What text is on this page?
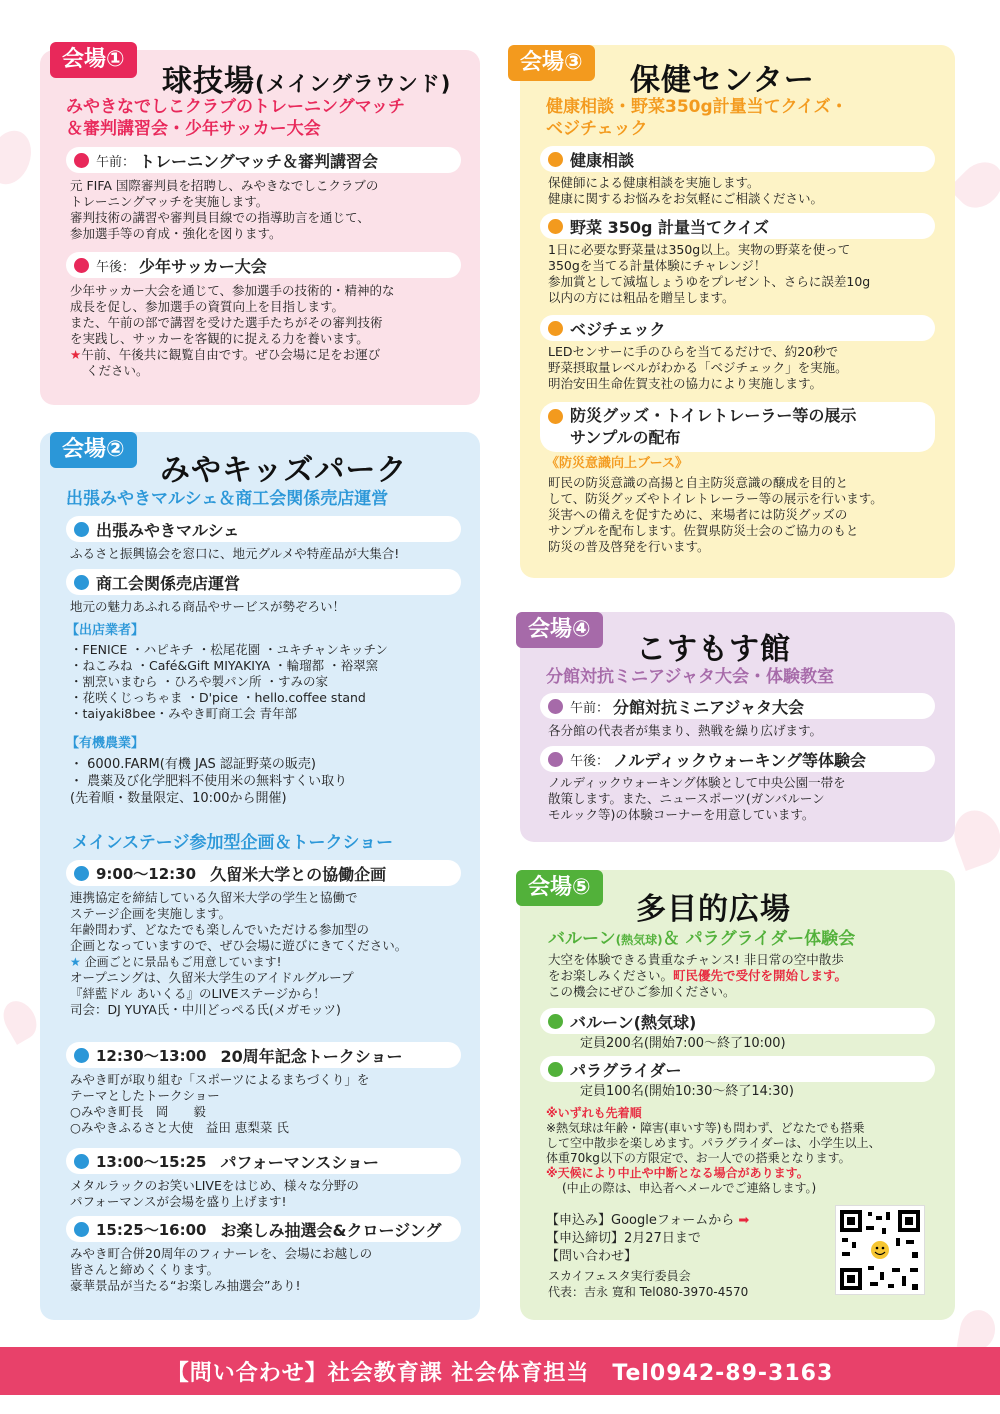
会場①
球技場(メイングラウンド)
みやきなでしこクラブのトレーニングマッチ
＆審判講習会・少年サッカー大会
午前： トレーニングマッチ＆審判講習会
元 FIFA 国際審判員を招聘し、みやきなでしこクラブの
トレーニングマッチを実施します。
審判技術の講習や審判員目線での指導助言を通じて、
参加選手等の育成・強化を図ります。
午後： 少年サッカー大会
少年サッカー大会を通じて、参加選手の技術的・精神的な
成長を促し、参加選手の資質向上を目指します。
また、午前の部で講習を受けた選手たちがその審判技術
を実践し、サッカーを客観的に捉える力を養います。
★午前、午後共に観覧自由です。ぜひ会場に足をお運び
ください。
会場②
みやキッズパーク
出張みやきマルシェ＆商工会関係売店運営
出張みやきマルシェ
ふるさと振興協会を窓口に、地元グルメや特産品が大集合!
商工会関係売店運営
地元の魅力あふれる商品やサービスが勢ぞろい！
【出店業者】
・FENICE ・ハピキチ ・松尾花園 ・ユキチャンキッチン
・ねこみね ・Café&Gift MIYAKIYA ・輪瑠都 ・裕翠窯
・割烹いまむら ・ひろや製パン所 ・すみの家
・花咲くじっちゃま ・D'pice ・hello.coffee stand
・taiyaki8bee・みやき町商工会 青年部
【有機農業】
・ 6000.FARM(有機 JAS 認証野菜の販売)
・ 農薬及び化学肥料不使用米の無料すくい取り
(先着順・数量限定、10:00から開催)
メインステージ参加型企画＆トークショー
9:00～12:30 久留米大学との協働企画
連携協定を締結している久留米大学の学生と協働で
ステージ企画を実施します。
年齢問わず、どなたでも楽しんでいただける参加型の
企画となっていますので、ぜひ会場に遊びにきてください。
★ 企画ごとに景品もご用意しています!
オープニングは、久留米大学生のアイドルグループ
『絆藍ドル あいくる』のLIVEステージから！
司会：DJ YUYA氏・中川どっぺる氏(メガモッツ)
12:30～13:00 20周年記念トークショー
みやき町が取り組む「スポーツによるまちづくり」を
テーマとしたトークショー
○みやき町長　岡　　毅
○みやきふるさと大使　益田 恵梨菜 氏
13:00～15:25 パフォーマンスショー
メタルラックのお笑いLIVEをはじめ、様々な分野の
パフォーマンスが会場を盛り上げます!
15:25～16:00 お楽しみ抽選会&クロージング
みやき町合併20周年のフィナーレを、会場にお越しの
皆さんと締めくくります。
豪華景品が当たる“お楽しみ抽選会”あり!
会場③
保健センター
健康相談・野菜350g計量当てクイズ・
ベジチェック
健康相談
保健師による健康相談を実施します。
健康に関するお悩みをお気軽にご相談ください。
野菜 350g 計量当てクイズ
1日に必要な野菜量は350g以上。実物の野菜を使って
350gを当てる計量体験にチャレンジ！
参加賞として減塩しょうゆをプレゼント、さらに誤差10g
以内の方には粗品を贈呈します。
ベジチェック
LEDセンサーに手のひらを当てるだけで、約20秒で
野菜摂取量レベルがわかる「ベジチェック」を実施。
明治安田生命佐賀支社の協力により実施します。
防災グッズ・トイレトレーラー等の展示
サンプルの配布
《防災意識向上ブース》
町民の防災意識の高揚と自主防災意識の醸成を目的と
して、防災グッズやトイレトレーラー等の展示を行います。
災害への備えを促すために、来場者には防災グッズの
サンプルを配布します。佐賀県防災士会のご協力のもと
防災の普及啓発を行います。
会場④
こすもす館
分館対抗ミニアジャタ大会・体験教室
午前： 分館対抗ミニアジャタ大会
各分館の代表者が集まり、熱戦を繰り広げます。
午後： ノルディックウォーキング等体験会
ノルディックウォーキング体験として中央公園一帯を
散策します。また、ニュースポーツ(ガンバルーン
モルック等)の体験コーナーを用意しています。
会場⑤
多目的広場
バルーン(熱気球)＆ パラグライダー体験会
大空を体験できる貴重なチャンス! 非日常の空中散歩
をお楽しみください。町民優先で受付を開始します。
この機会にぜひご参加ください。
バルーン(熱気球)
定員200名(開始7:00～終了10:00)
パラグライダー
定員100名(開始10:30～終了14:30)
※いずれも先着順
※熱気球は年齢・障害(車いす等)も問わず、どなたでも搭乗
して空中散歩を楽しめます。パラグライダーは、小学生以上、
体重70kg以下の方限定で、お一人での搭乗となります。
※天候により中止や中断となる場合があります。
(中止の際は、申込者へメールでご連絡します。)
【申込み】Googleフォームから ➡
【申込締切】2月27日まで
【問い合わせ】
スカイフェスタ実行委員会
代表：吉永 寛和 Tel080-3970-4570
【問い合わせ】社会教育課 社会体育担当　Tel0942-89-3163
